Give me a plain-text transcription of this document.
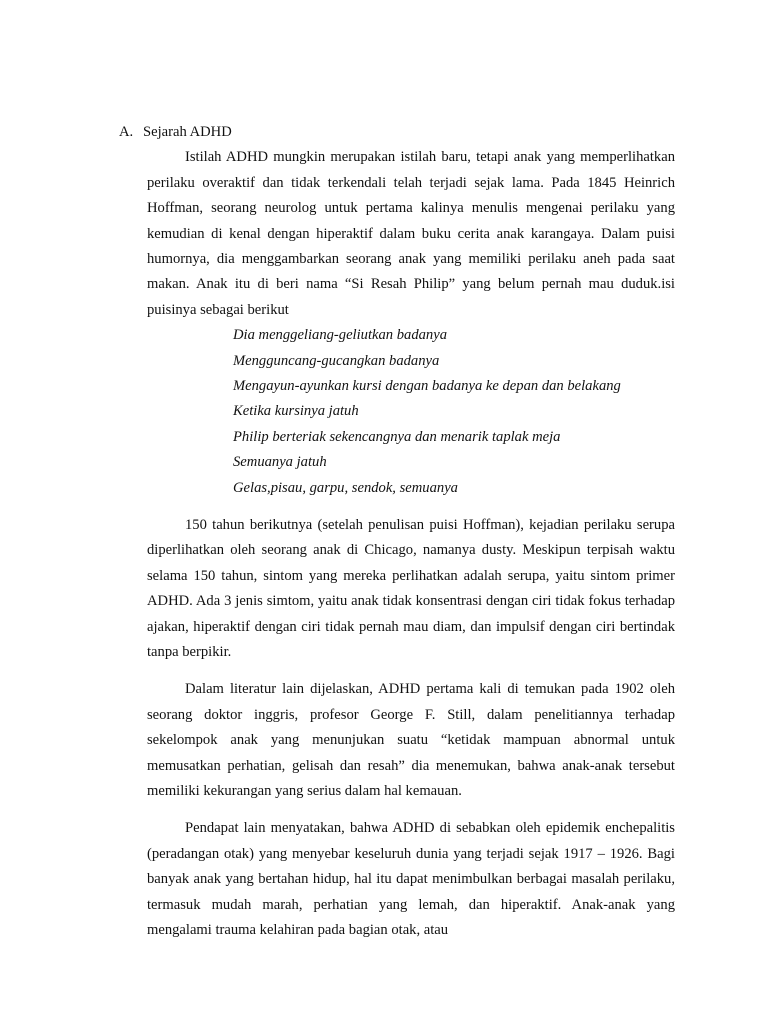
A. Sejarah ADHD

Istilah ADHD mungkin merupakan istilah baru, tetapi anak yang memperlihatkan perilaku overaktif dan tidak terkendali telah terjadi sejak lama. Pada 1845 Heinrich Hoffman, seorang neurolog untuk pertama kalinya menulis mengenai perilaku yang kemudian di kenal dengan hiperaktif dalam buku cerita anak karangaya. Dalam puisi humornya, dia menggambarkan seorang anak yang memiliki perilaku aneh pada saat makan. Anak itu di beri nama “Si Resah Philip” yang belum pernah mau duduk.isi puisinya sebagai berikut

Dia menggeliang-geliutkan badanya
Mengguncang-gucangkan badanya
Mengayun-ayunkan kursi dengan badanya ke depan dan belakang
Ketika kursinya jatuh
Philip berteriak sekencangnya dan menarik taplak meja
Semuanya jatuh
Gelas,pisau, garpu, sendok, semuanya

150 tahun berikutnya (setelah penulisan puisi Hoffman), kejadian perilaku serupa diperlihatkan oleh seorang anak di Chicago, namanya dusty. Meskipun terpisah waktu selama 150 tahun, sintom yang mereka perlihatkan adalah serupa, yaitu sintom primer ADHD. Ada 3 jenis simtom, yaitu anak tidak konsentrasi dengan ciri tidak fokus terhadap ajakan, hiperaktif dengan ciri tidak pernah mau diam, dan impulsif dengan ciri bertindak tanpa berpikir.

Dalam literatur lain dijelaskan, ADHD pertama kali di temukan pada 1902 oleh seorang doktor inggris, profesor George F. Still, dalam penelitiannya terhadap sekelompok anak yang menunjukan suatu “ketidak mampuan abnormal untuk memusatkan perhatian, gelisah dan resah” dia menemukan, bahwa anak-anak tersebut memiliki kekurangan yang serius dalam hal kemauan.

Pendapat lain menyatakan, bahwa ADHD di sebabkan oleh epidemik enchepalitis (peradangan otak) yang menyebar keseluruh dunia yang terjadi sejak 1917 – 1926. Bagi banyak anak yang bertahan hidup, hal itu dapat menimbulkan berbagai masalah perilaku, termasuk mudah marah, perhatian yang lemah, dan hiperaktif. Anak-anak yang mengalami trauma kelahiran pada bagian otak, atau
